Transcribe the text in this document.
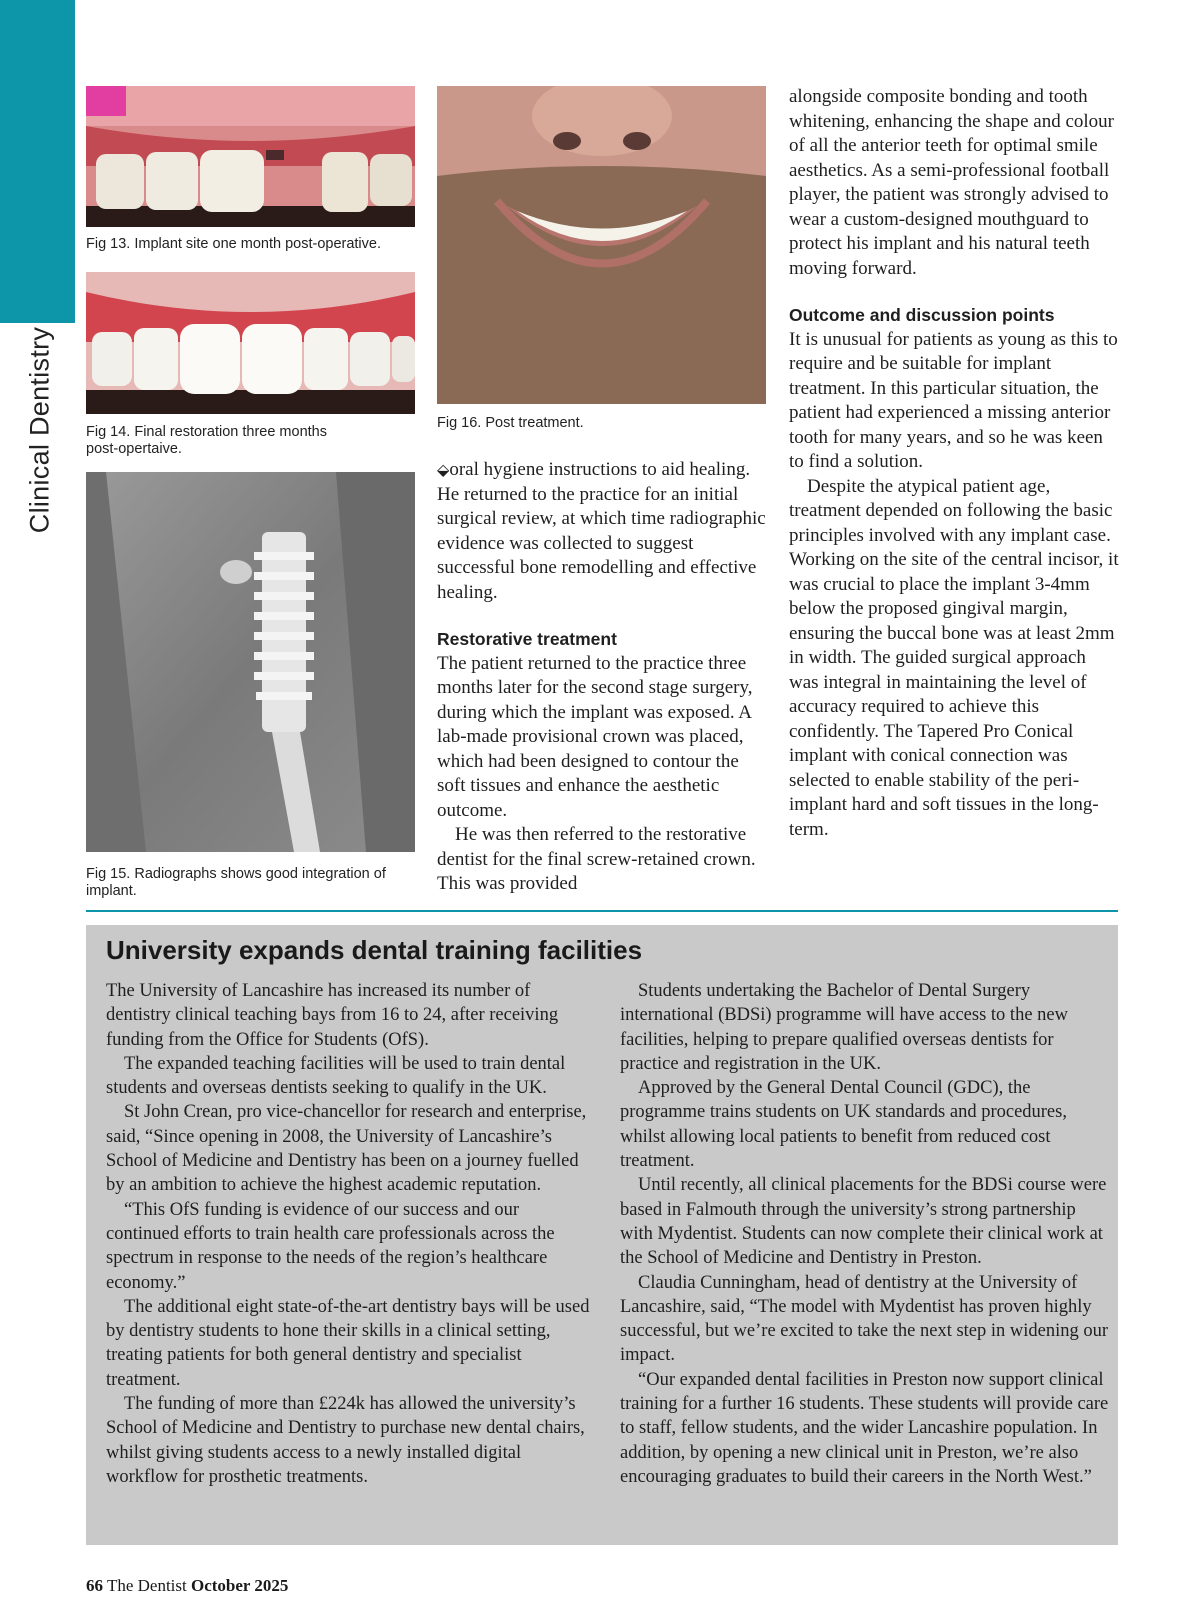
Clinical Dentistry
Fig 13. Implant site one month post-operative.
Fig 14. Final restoration three months post-opertaive.
Fig 15. Radiographs shows good integration of implant.
Fig 16. Post treatment.

⬙oral hygiene instructions to aid healing. He returned to the practice for an initial surgical review, at which time radiographic evidence was collected to suggest successful bone remodelling and effective healing.

Restorative treatment

The patient returned to the practice three months later for the second stage surgery, during which the implant was exposed. A lab-made provisional crown was placed, which had been designed to contour the soft tissues and enhance the aesthetic outcome.

He was then referred to the restorative dentist for the final screw-retained crown. This was provided

alongside composite bonding and tooth whitening, enhancing the shape and colour of all the anterior teeth for optimal smile aesthetics. As a semi-professional football player, the patient was strongly advised to wear a custom-designed mouthguard to protect his implant and his natural teeth moving forward.

Outcome and discussion points

It is unusual for patients as young as this to require and be suitable for implant treatment. In this particular situation, the patient had experienced a missing anterior tooth for many years, and so he was keen to find a solution.

Despite the atypical patient age, treatment depended on following the basic principles involved with any implant case. Working on the site of the central incisor, it was crucial to place the implant 3-4mm below the proposed gingival margin, ensuring the buccal bone was at least 2mm in width. The guided surgical approach was integral in maintaining the level of accuracy required to achieve this confidently. The Tapered Pro Conical implant with conical connection was selected to enable stability of the peri-implant hard and soft tissues in the long-term.

University expands dental training facilities

The University of Lancashire has increased its number of dentistry clinical teaching bays from 16 to 24, after receiving funding from the Office for Students (OfS).

The expanded teaching facilities will be used to train dental students and overseas dentists seeking to qualify in the UK.

St John Crean, pro vice-chancellor for research and enterprise, said, “Since opening in 2008, the University of Lancashire’s School of Medicine and Dentistry has been on a journey fuelled by an ambition to achieve the highest academic reputation.

“This OfS funding is evidence of our success and our continued efforts to train health care professionals across the spectrum in response to the needs of the region’s healthcare economy.”

The additional eight state-of-the-art dentistry bays will be used by dentistry students to hone their skills in a clinical setting, treating patients for both general dentistry and specialist treatment.

The funding of more than £224k has allowed the university’s School of Medicine and Dentistry to purchase new dental chairs, whilst giving students access to a newly installed digital workflow for prosthetic treatments.

Students undertaking the Bachelor of Dental Surgery international (BDSi) programme will have access to the new facilities, helping to prepare qualified overseas dentists for practice and registration in the UK.

Approved by the General Dental Council (GDC), the programme trains students on UK standards and procedures, whilst allowing local patients to benefit from reduced cost treatment.

Until recently, all clinical placements for the BDSi course were based in Falmouth through the university’s strong partnership with Mydentist. Students can now complete their clinical work at the School of Medicine and Dentistry in Preston.

Claudia Cunningham, head of dentistry at the University of Lancashire, said, “The model with Mydentist has proven highly successful, but we’re excited to take the next step in widening our impact.

“Our expanded dental facilities in Preston now support clinical training for a further 16 students. These students will provide care to staff, fellow students, and the wider Lancashire population. In addition, by opening a new clinical unit in Preston, we’re also encouraging graduates to build their careers in the North West.”

66 The Dentist October 2025
